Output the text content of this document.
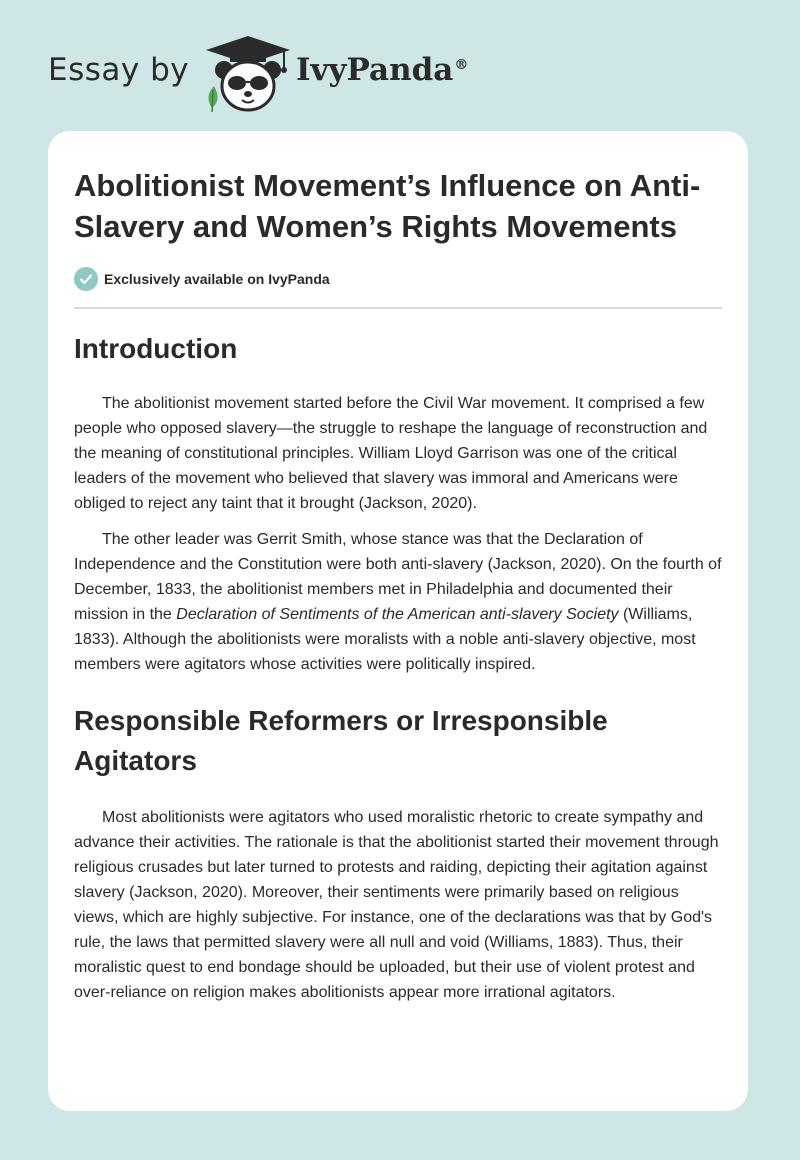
Essay by	IvyPanda®
Abolitionist Movement’s Influence on Anti-Slavery and Women’s Rights Movements
Exclusively available on IvyPanda
Introduction

The abolitionist movement started before the Civil War movement. It comprised a few people who opposed slavery—the struggle to reshape the language of reconstruction and the meaning of constitutional principles. William Lloyd Garrison was one of the critical leaders of the movement who believed that slavery was immoral and Americans were obliged to reject any taint that it brought (Jackson, 2020).

The other leader was Gerrit Smith, whose stance was that the Declaration of Independence and the Constitution were both anti-slavery (Jackson, 2020). On the fourth of December, 1833, the abolitionist members met in Philadelphia and documented their mission in the Declaration of Sentiments of the American anti-slavery Society (Williams, 1833). Although the abolitionists were moralists with a noble anti-slavery objective, most members were agitators whose activities were politically inspired.

Responsible Reformers or Irresponsible Agitators

Most abolitionists were agitators who used moralistic rhetoric to create sympathy and advance their activities. The rationale is that the abolitionist started their movement through religious crusades but later turned to protests and raiding, depicting their agitation against slavery (Jackson, 2020). Moreover, their sentiments were primarily based on religious views, which are highly subjective. For instance, one of the declarations was that by God's rule, the laws that permitted slavery were all null and void (Williams, 1883). Thus, their moralistic quest to end bondage should be uploaded, but their use of violent protest and over-reliance on religion makes abolitionists appear more irrational agitators.
